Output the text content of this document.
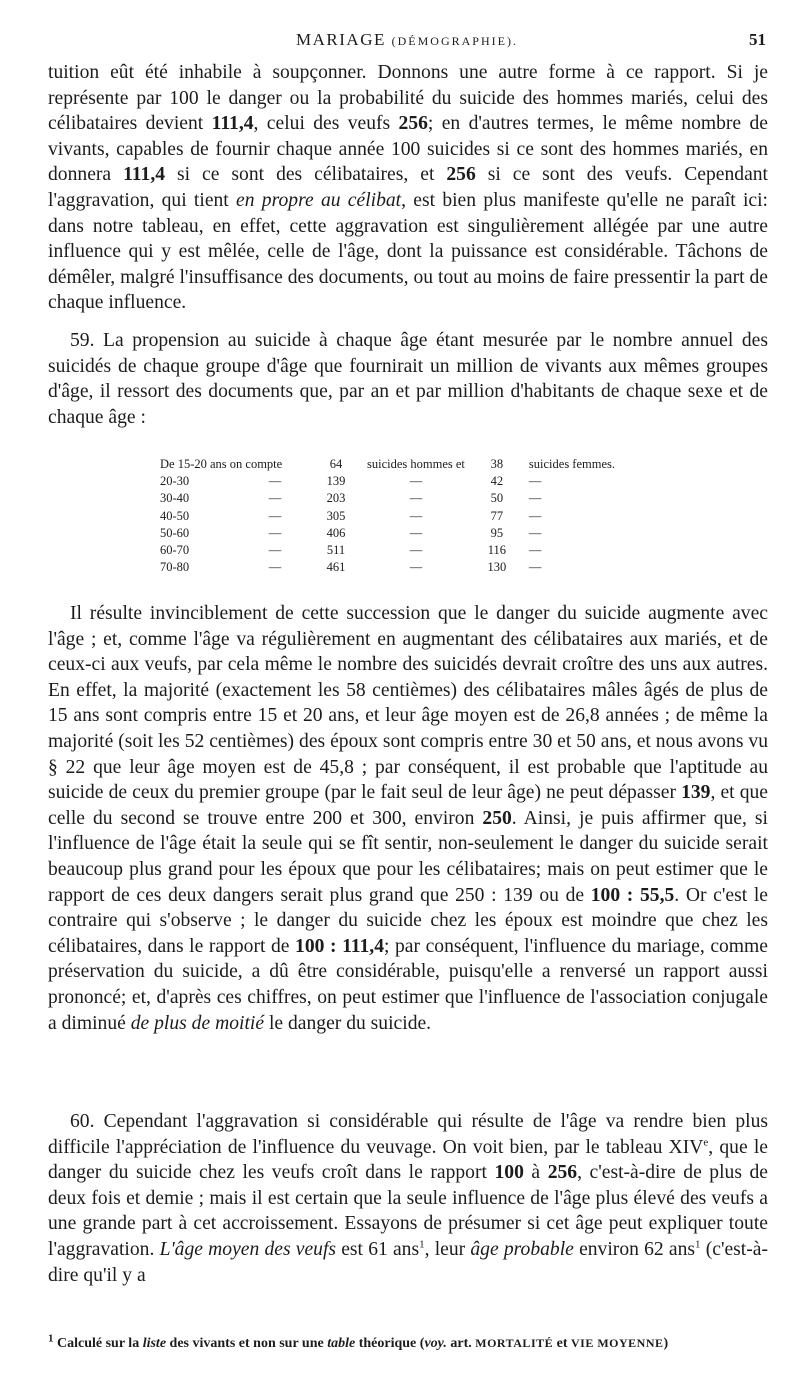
MARIAGE (DÉMOGRAPHIE).	51

tuition eût été inhabile à soupçonner. Donnons une autre forme à ce rapport. Si je représente par 100 le danger ou la probabilité du suicide des hommes mariés, celui des célibataires devient 111,4, celui des veufs 256; en d'autres termes, le même nombre de vivants, capables de fournir chaque année 100 suicides si ce sont des hommes mariés, en donnera 111,4 si ce sont des célibataires, et 256 si ce sont des veufs. Cependant l'aggravation, qui tient en propre au célibat, est bien plus manifeste qu'elle ne paraît ici: dans notre tableau, en effet, cette aggravation est singulièrement allégée par une autre influence qui y est mêlée, celle de l'âge, dont la puissance est considérable. Tâchons de démêler, malgré l'insuffisance des documents, ou tout au moins de faire pressentir la part de chaque influence.

59. La propension au suicide à chaque âge étant mesurée par le nombre annuel des suicidés de chaque groupe d'âge que fournirait un million de vivants aux mêmes groupes d'âge, il ressort des documents que, par an et par million d'habitants de chaque sexe et de chaque âge :

De 15-20 ans on compte		64	suicides hommes et	38	suicides femmes.
20-30	—	139	—	42	—
30-40	—	203	—	50	—
40-50	—	305	—	77	—
50-60	—	406	—	95	—
60-70	—	511	—	116	—
70-80	—	461	—	130	—

Il résulte invinciblement de cette succession que le danger du suicide augmente avec l'âge ; et, comme l'âge va régulièrement en augmentant des célibataires aux mariés, et de ceux-ci aux veufs, par cela même le nombre des suicidés devrait croître des uns aux autres. En effet, la majorité (exactement les 58 centièmes) des célibataires mâles âgés de plus de 15 ans sont compris entre 15 et 20 ans, et leur âge moyen est de 26,8 années ; de même la majorité (soit les 52 centièmes) des époux sont compris entre 30 et 50 ans, et nous avons vu § 22 que leur âge moyen est de 45,8 ; par conséquent, il est probable que l'aptitude au suicide de ceux du premier groupe (par le fait seul de leur âge) ne peut dépasser 139, et que celle du second se trouve entre 200 et 300, environ 250. Ainsi, je puis affirmer que, si l'influence de l'âge était la seule qui se fît sentir, non-seulement le danger du suicide serait beaucoup plus grand pour les époux que pour les célibataires; mais on peut estimer que le rapport de ces deux dangers serait plus grand que 250 : 139 ou de 100 : 55,5. Or c'est le contraire qui s'observe ; le danger du suicide chez les époux est moindre que chez les célibataires, dans le rapport de 100 : 111,4; par conséquent, l'influence du mariage, comme préservation du suicide, a dû être considérable, puisqu'elle a renversé un rapport aussi prononcé; et, d'après ces chiffres, on peut estimer que l'influence de l'association conjugale a diminué de plus de moitié le danger du suicide.

60. Cependant l'aggravation si considérable qui résulte de l'âge va rendre bien plus difficile l'appréciation de l'influence du veuvage. On voit bien, par le tableau XIVe, que le danger du suicide chez les veufs croît dans le rapport 100 à 256, c'est-à-dire de plus de deux fois et demie ; mais il est certain que la seule influence de l'âge plus élevé des veufs a une grande part à cet accroissement. Essayons de présumer si cet âge peut expliquer toute l'aggravation. L'âge moyen des veufs est 61 ans$^1$, leur âge probable environ 62 ans$^1$ (c'est-à-dire qu'il y a

$^1$ Calculé sur la liste des vivants et non sur une table théorique (voy. art. MORTALITÉ et VIE MOYENNE)
